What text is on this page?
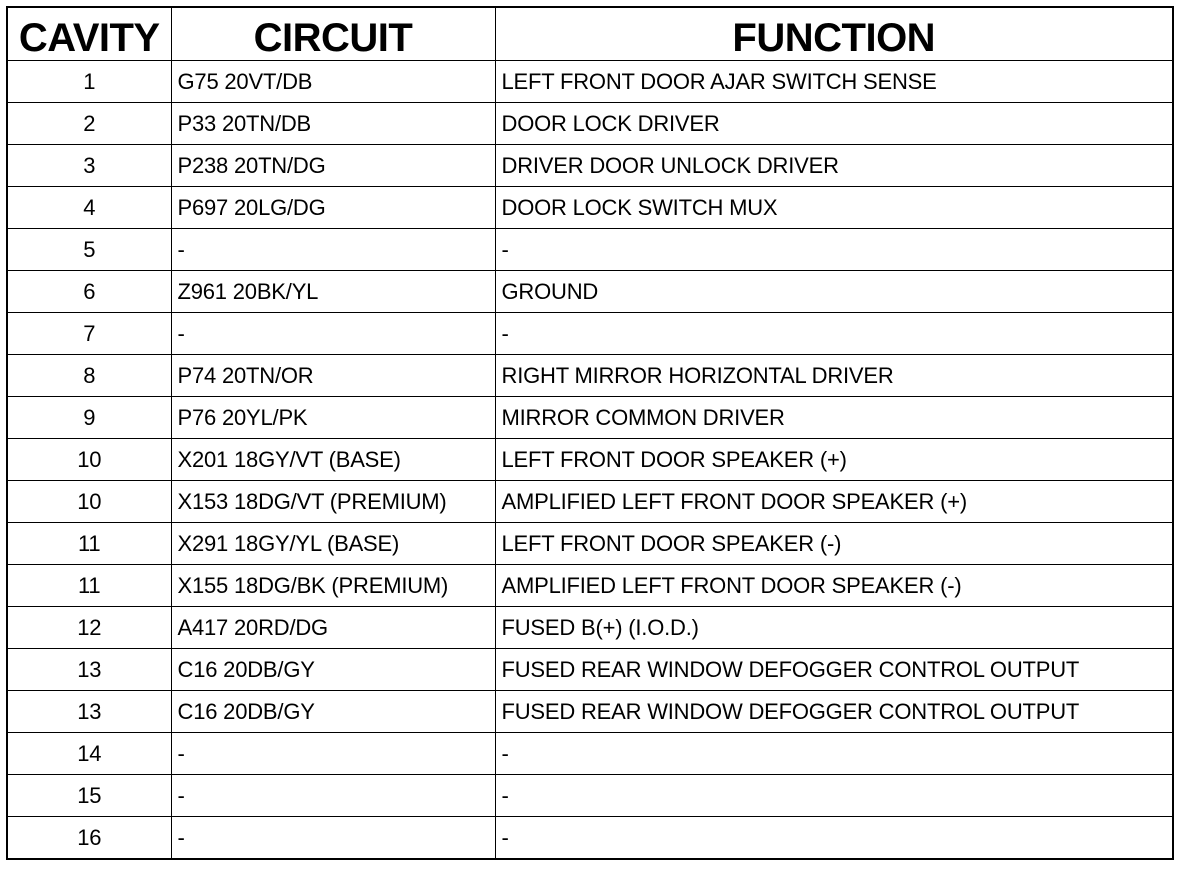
CAVITY	CIRCUIT	FUNCTION
1	G75 20VT/DB	LEFT FRONT DOOR AJAR SWITCH SENSE
2	P33 20TN/DB	DOOR LOCK DRIVER
3	P238 20TN/DG	DRIVER DOOR UNLOCK DRIVER
4	P697 20LG/DG	DOOR LOCK SWITCH MUX
5	-	-
6	Z961 20BK/YL	GROUND
7	-	-
8	P74 20TN/OR	RIGHT MIRROR HORIZONTAL DRIVER
9	P76 20YL/PK	MIRROR COMMON DRIVER
10	X201 18GY/VT (BASE)	LEFT FRONT DOOR SPEAKER (+)
10	X153 18DG/VT (PREMIUM)	AMPLIFIED LEFT FRONT DOOR SPEAKER (+)
11	X291 18GY/YL (BASE)	LEFT FRONT DOOR SPEAKER (-)
11	X155 18DG/BK (PREMIUM)	AMPLIFIED LEFT FRONT DOOR SPEAKER (-)
12	A417 20RD/DG	FUSED B(+) (I.O.D.)
13	C16 20DB/GY	FUSED REAR WINDOW DEFOGGER CONTROL OUTPUT
13	C16 20DB/GY	FUSED REAR WINDOW DEFOGGER CONTROL OUTPUT
14	-	-
15	-	-
16	-	-
